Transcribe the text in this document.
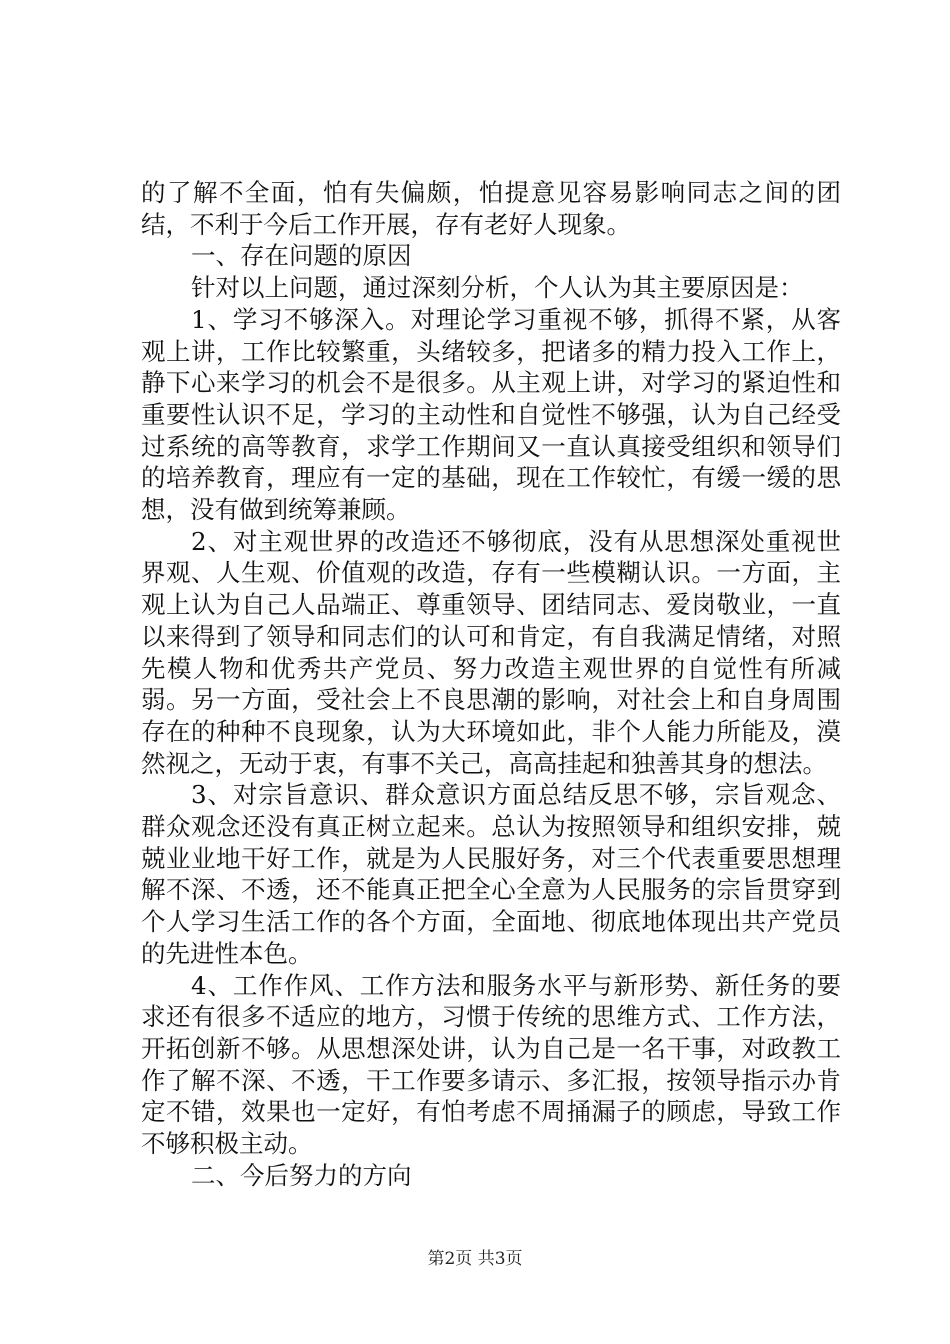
的了解不全面，怕有失偏颇，怕提意见容易影响同志之间的团结，不利于今后工作开展，存有老好人现象。

一、存在问题的原因

针对以上问题，通过深刻分析，个人认为其主要原因是：

1、学习不够深入。对理论学习重视不够，抓得不紧，从客观上讲，工作比较繁重，头绪较多，把诸多的精力投入工作上，静下心来学习的机会不是很多。从主观上讲，对学习的紧迫性和重要性认识不足，学习的主动性和自觉性不够强，认为自己经受过系统的高等教育，求学工作期间又一直认真接受组织和领导们的培养教育，理应有一定的基础，现在工作较忙，有缓一缓的思想，没有做到统筹兼顾。

2、对主观世界的改造还不够彻底，没有从思想深处重视世界观、人生观、价值观的改造，存有一些模糊认识。一方面，主观上认为自己人品端正、尊重领导、团结同志、爱岗敬业，一直以来得到了领导和同志们的认可和肯定，有自我满足情绪，对照先模人物和优秀共产党员、努力改造主观世界的自觉性有所减弱。另一方面，受社会上不良思潮的影响，对社会上和自身周围存在的种种不良现象，认为大环境如此，非个人能力所能及，漠然视之，无动于衷，有事不关己，高高挂起和独善其身的想法。

3、对宗旨意识、群众意识方面总结反思不够，宗旨观念、群众观念还没有真正树立起来。总认为按照领导和组织安排，兢兢业业地干好工作，就是为人民服好务，对三个代表重要思想理解不深、不透，还不能真正把全心全意为人民服务的宗旨贯穿到个人学习生活工作的各个方面，全面地、彻底地体现出共产党员的先进性本色。

4、工作作风、工作方法和服务水平与新形势、新任务的要求还有很多不适应的地方，习惯于传统的思维方式、工作方法，开拓创新不够。从思想深处讲，认为自己是一名干事，对政教工作了解不深、不透，干工作要多请示、多汇报，按领导指示办肯定不错，效果也一定好，有怕考虑不周捅漏子的顾虑，导致工作不够积极主动。

二、今后努力的方向

第2页 共3页
